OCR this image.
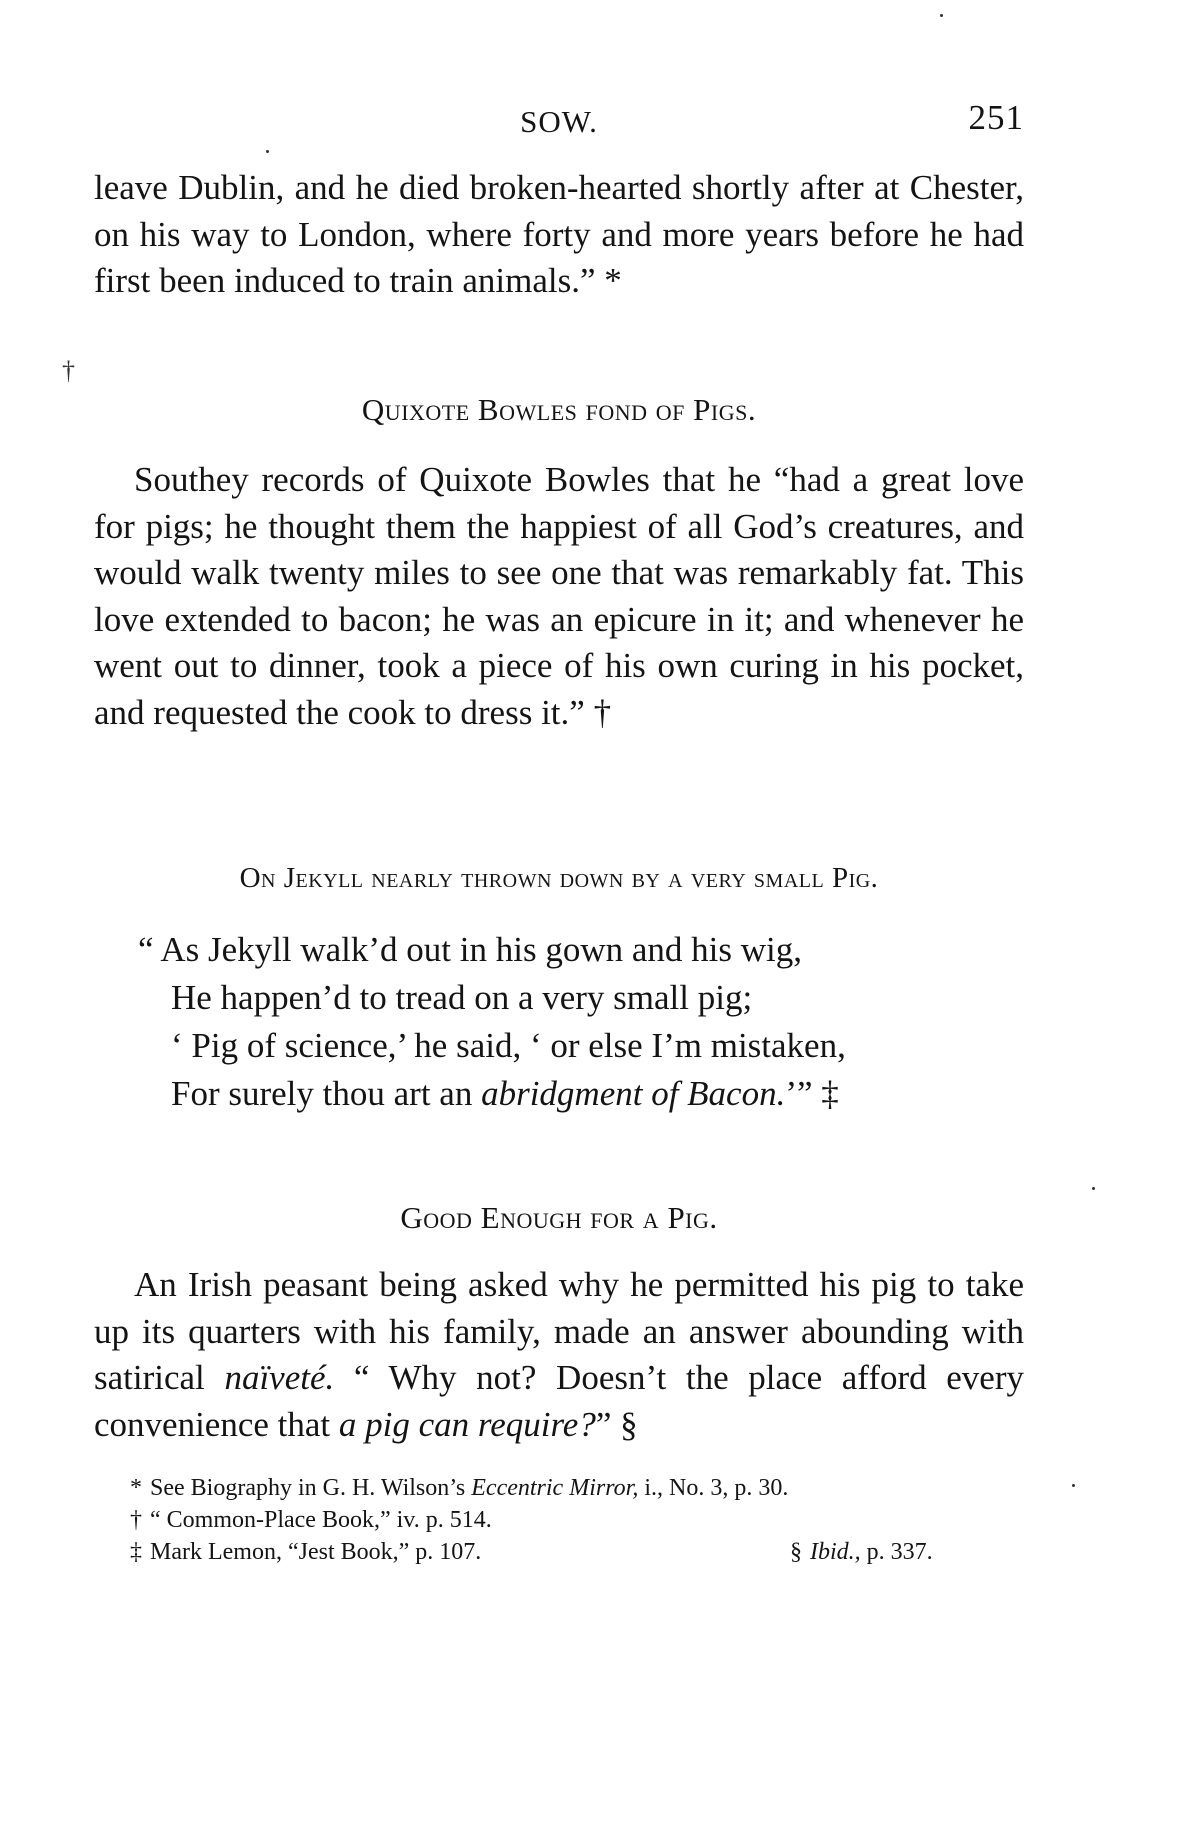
SOW.	251

leave Dublin, and he died broken-hearted shortly after at Chester, on his way to London, where forty and more years before he had first been induced to train animals.” *

†
Quixote Bowles fond of Pigs.

Southey records of Quixote Bowles that he “had a great love for pigs; he thought them the happiest of all God’s creatures, and would walk twenty miles to see one that was remarkably fat. This love extended to bacon; he was an epicure in it; and whenever he went out to dinner, took a piece of his own curing in his pocket, and requested the cook to dress it.” †

On Jekyll nearly thrown down by a very small Pig.
“ As Jekyll walk’d out in his gown and his wig,
He happen’d to tread on a very small pig;
‘ Pig of science,’ he said, ‘ or else I’m mistaken,
For surely thou art an abridgment of Bacon.’” ‡
Good Enough for a Pig.

An Irish peasant being asked why he permitted his pig to take up its quarters with his family, made an answer abounding with satirical naïveté. “ Why not? Doesn’t the place afford every convenience that a pig can require?” §

* See Biography in G. H. Wilson’s Eccentric Mirror, i., No. 3, p. 30.
† “ Common-Place Book,” iv. p. 514.
‡ Mark Lemon, “Jest Book,” p. 107.	§ Ibid., p. 337.
